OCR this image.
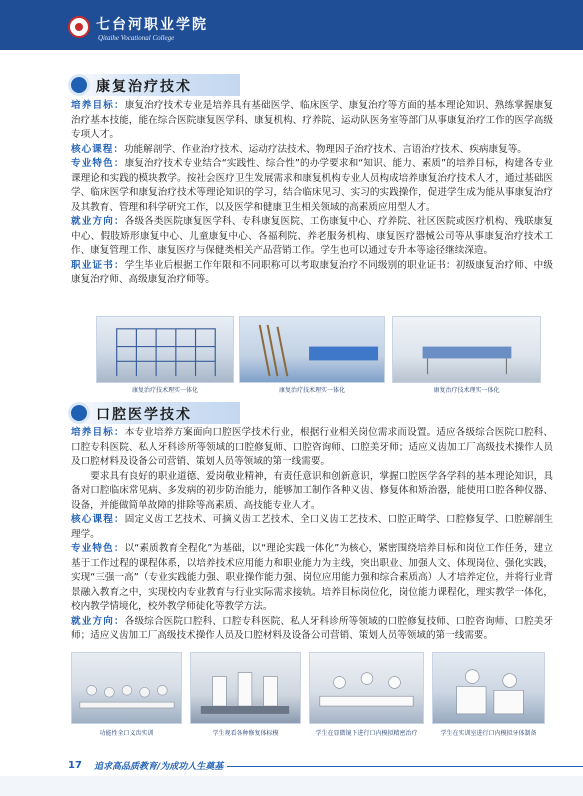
七台河职业学院
Qitaihe Vocational College
康复治疗技术

培养目标：康复治疗技术专业是培养具有基础医学、临床医学、康复治疗等方面的基本理论知识、熟练掌握康复治疗基本技能，能在综合医院康复医学科、康复机构、疗养院、运动队医务室等部门从事康复治疗工作的医学高级专项人才。

核心课程：功能解剖学、作业治疗技术、运动疗法技术、物理因子治疗技术、言语治疗技术、疾病康复等。

专业特色：康复治疗技术专业结合“实践性、综合性”的办学要求和“知识、能力、素质”的培养目标，构建各专业课理论和实践的模块教学。按社会医疗卫生发展需求和康复机构专业人员构成培养康复治疗技术人才，通过基础医学、临床医学和康复治疗技术等理论知识的学习，结合临床见习、实习的实践操作，促进学生成为能从事康复治疗及其教育、管理和科学研究工作，以及医学和健康卫生相关领域的高素质应用型人才。

就业方向：各级各类医院康复医学科、专科康复医院、工伤康复中心、疗养院、社区医院或医疗机构、残联康复中心、假肢矫形康复中心、儿童康复中心、各福利院、养老服务机构、康复医疗器械公司等从事康复治疗技术工作、康复管理工作、康复医疗与保健类相关产品营销工作。学生也可以通过专升本等途径继续深造。

职业证书：学生毕业后根据工作年限和不同职称可以考取康复治疗不同级别的职业证书：初级康复治疗师、中级康复治疗师、高级康复治疗师等。

康复治疗技术理实一体化	康复治疗技术理实一体化	康复治疗技术理实一体化
口腔医学技术

培养目标：本专业培养方案面向口腔医学技术行业，根据行业相关岗位需求而设置。适应各级综合医院口腔科、口腔专科医院、私人牙科诊所等领域的口腔修复师、口腔咨询师、口腔美牙师；适应义齿加工厂高级技术操作人员及口腔材料及设备公司营销、策划人员等领域的第一线需要。

要求具有良好的职业道德、爱岗敬业精神，有责任意识和创新意识，掌握口腔医学各学科的基本理论知识，具备对口腔临床常见病、多发病的初步防治能力，能够加工制作各种义齿、修复体和矫治器，能使用口腔各种仪器、设备，并能做简单故障的排除等高素质、高技能专业人才。

核心课程：固定义齿工艺技术、可摘义齿工艺技术、全口义齿工艺技术、口腔正畸学、口腔修复学、口腔解剖生理学。

专业特色：以“素质教育全程化”为基础，以“理论实践一体化”为核心，紧密围绕培养目标和岗位工作任务，建立基于工作过程的课程体系，以培养技术应用能力和职业能力为主线，突出职业、加强人文、体现岗位、强化实践，实现“三强一高”（专业实践能力强、职业操作能力强、岗位应用能力强和综合素质高）人才培养定位，并将行业背景融入教育之中，实现校内专业教育与行业实际需求接轨。培养目标岗位化，岗位能力课程化，理实教学一体化，校内教学情境化，校外教学师徒化等教学方法。

就业方向：各级综合医院口腔科、口腔专科医院、私人牙科诊所等领域的口腔修复技师、口腔咨询师、口腔美牙师；适应义齿加工厂高级技术操作人员及口腔材料及设备公司营销、策划人员等领域的第一线需要。

功能性全口义齿实训	学生观看各种修复体标模	学生在显微镜下进行口内模拟精密治疗	学生在实训室进行口内模拟牙体制备
17	追求高品质教育/为成功人生奠基
